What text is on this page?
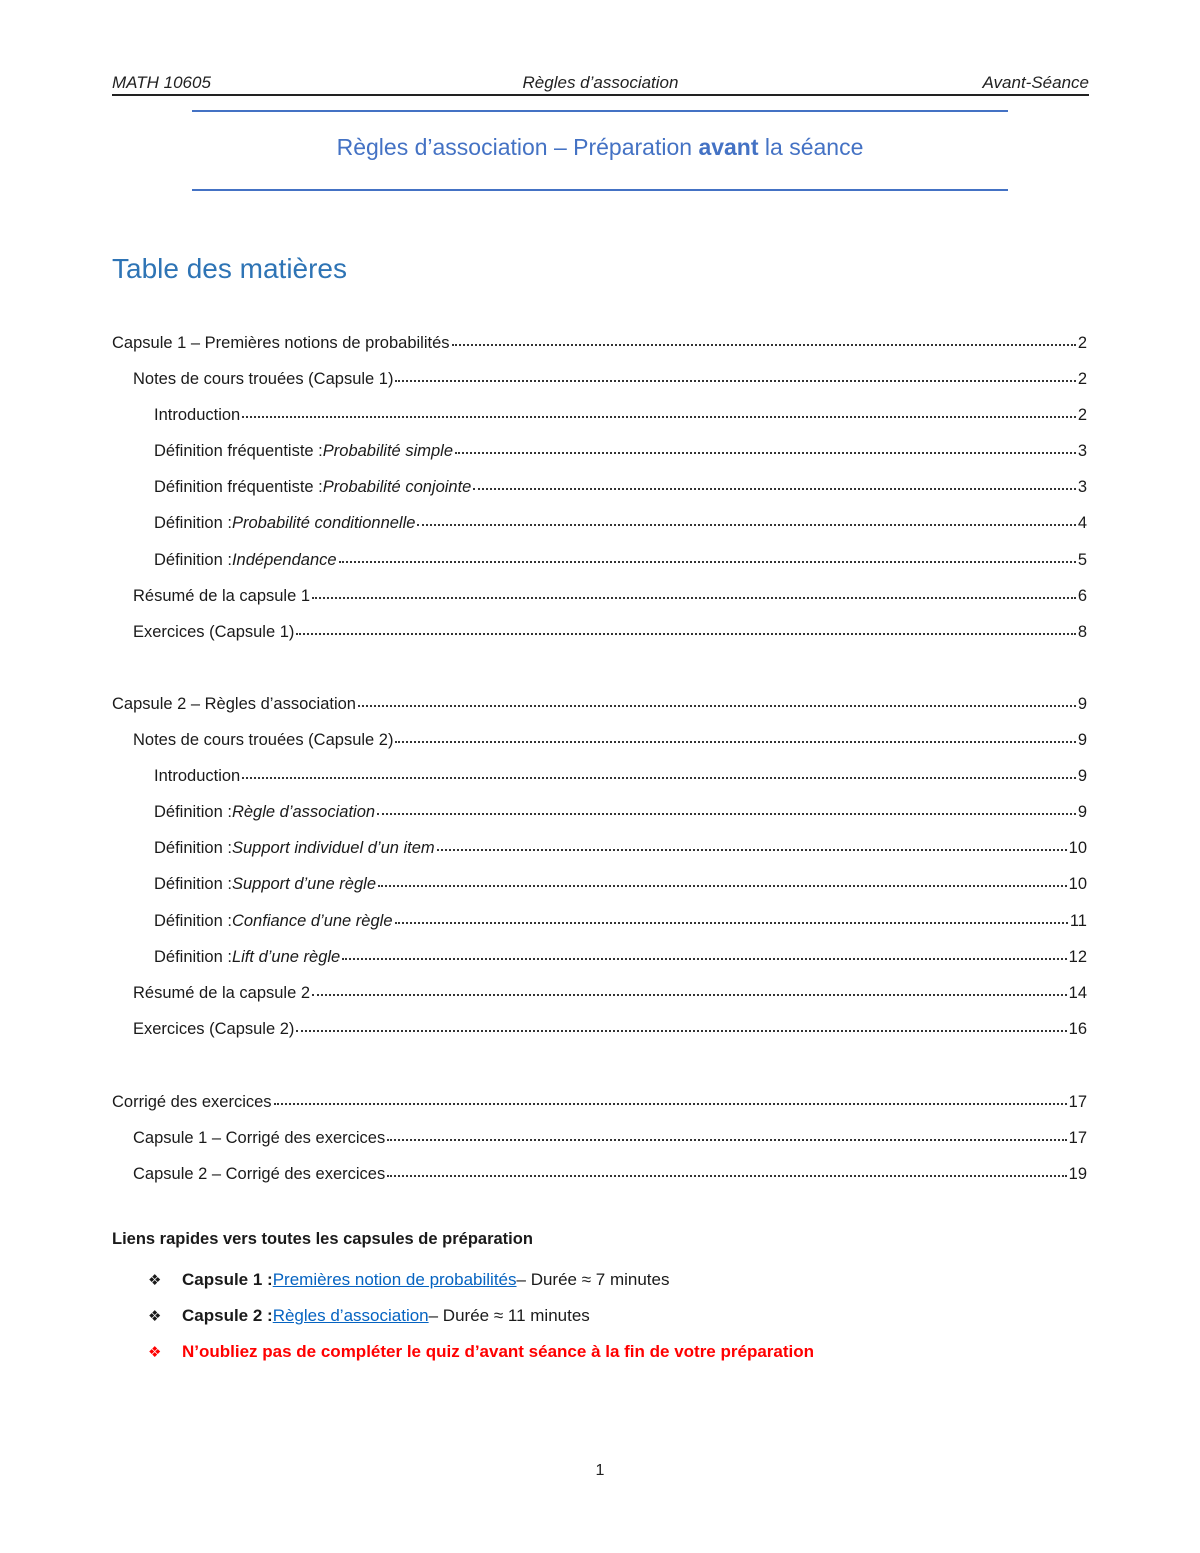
MATH 10605	Règles d’association	Avant-Séance
Règles d’association – Préparation avant la séance
Table des matières
Capsule 1 – Premières notions de probabilités	2
Notes de cours trouées (Capsule 1)	2
Introduction	2
Définition fréquentiste : Probabilité simple	3
Définition fréquentiste : Probabilité conjointe	3
Définition : Probabilité conditionnelle	4
Définition : Indépendance	5
Résumé de la capsule 1	6
Exercices (Capsule 1)	8
Capsule 2 – Règles d’association	9
Notes de cours trouées (Capsule 2)	9
Introduction	9
Définition : Règle d’association	9
Définition : Support individuel d’un item	10
Définition : Support d’une règle	10
Définition : Confiance d’une règle	11
Définition : Lift d’une règle	12
Résumé de la capsule 2	14
Exercices (Capsule 2)	16
Corrigé des exercices	17
Capsule 1 – Corrigé des exercices	17
Capsule 2 – Corrigé des exercices	19
Liens rapides vers toutes les capsules de préparation
❖	Capsule 1 : Premières notion de probabilités – Durée ≈ 7 minutes
❖	Capsule 2 : Règles d’association – Durée ≈ 11 minutes
❖	N’oubliez pas de compléter le quiz d’avant séance à la fin de votre préparation
1
